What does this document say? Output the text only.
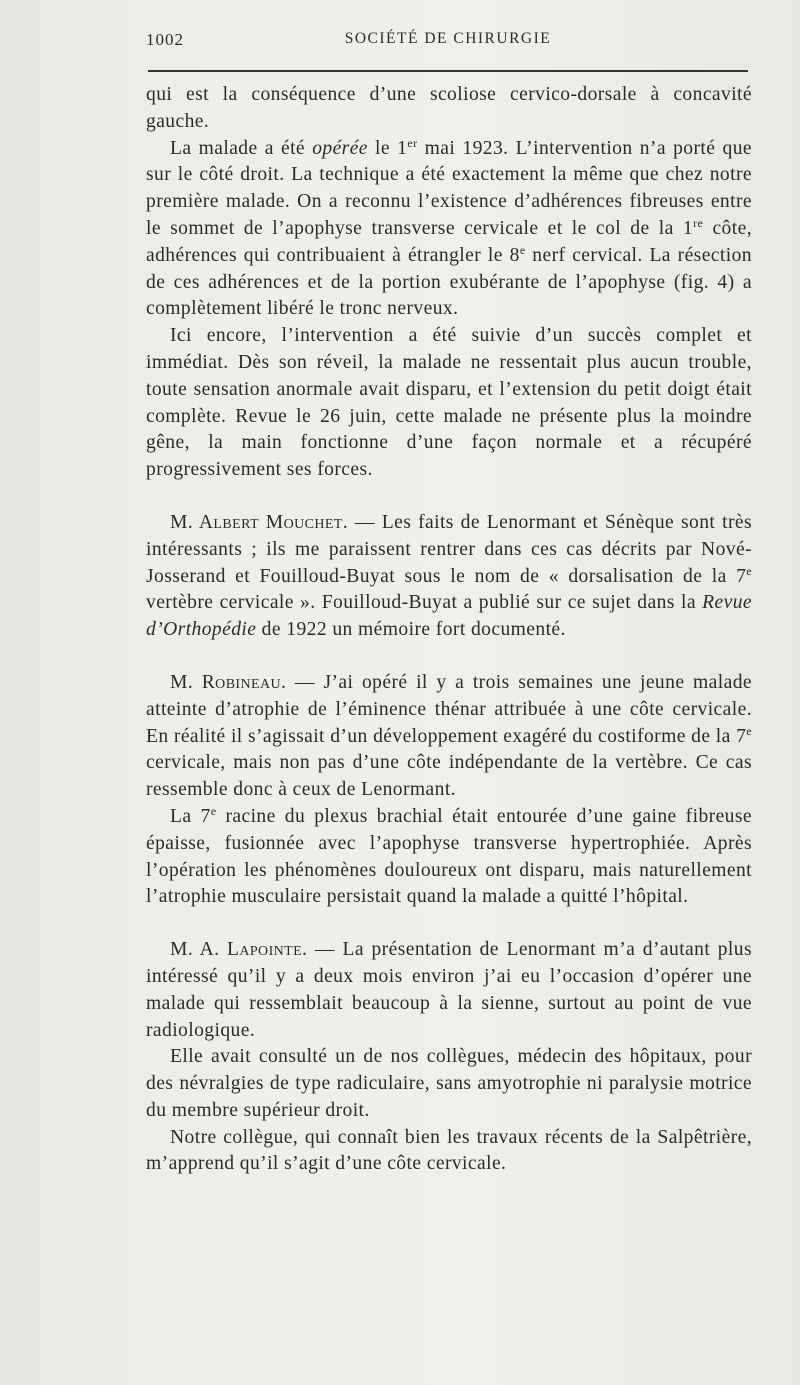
1002	SOCIÉTÉ DE CHIRURGIE

qui est la conséquence d’une scoliose cervico-dorsale à concavité gauche.

La malade a été opérée le 1er mai 1923. L’intervention n’a porté que sur le côté droit. La technique a été exactement la même que chez notre première malade. On a reconnu l’existence d’adhérences fibreuses entre le sommet de l’apophyse transverse cervicale et le col de la 1re côte, adhérences qui contribuaient à étrangler le 8e nerf cervical. La résection de ces adhérences et de la portion exubérante de l’apophyse (fig. 4) a complètement libéré le tronc nerveux.

Ici encore, l’intervention a été suivie d’un succès complet et immédiat. Dès son réveil, la malade ne ressentait plus aucun trouble, toute sensation anormale avait disparu, et l’extension du petit doigt était complète. Revue le 26 juin, cette malade ne présente plus la moindre gêne, la main fonctionne d’une façon normale et a récupéré progressivement ses forces.

M. Albert Mouchet. — Les faits de Lenormant et Sénèque sont très intéressants ; ils me paraissent rentrer dans ces cas décrits par Nové-Josserand et Fouilloud-Buyat sous le nom de « dorsalisation de la 7e vertèbre cervicale ». Fouilloud-Buyat a publié sur ce sujet dans la Revue d’Orthopédie de 1922 un mémoire fort documenté.

M. Robineau. — J’ai opéré il y a trois semaines une jeune malade atteinte d’atrophie de l’éminence thénar attribuée à une côte cervicale. En réalité il s’agissait d’un développement exagéré du costiforme de la 7e cervicale, mais non pas d’une côte indépendante de la vertèbre. Ce cas ressemble donc à ceux de Lenormant.

La 7e racine du plexus brachial était entourée d’une gaine fibreuse épaisse, fusionnée avec l’apophyse transverse hypertrophiée. Après l’opération les phénomènes douloureux ont disparu, mais naturellement l’atrophie musculaire persistait quand la malade a quitté l’hôpital.

M. A. Lapointe. — La présentation de Lenormant m’a d’autant plus intéressé qu’il y a deux mois environ j’ai eu l’occasion d’opérer une malade qui ressemblait beaucoup à la sienne, surtout au point de vue radiologique.

Elle avait consulté un de nos collègues, médecin des hôpitaux, pour des névralgies de type radiculaire, sans amyotrophie ni paralysie motrice du membre supérieur droit.

Notre collègue, qui connaît bien les travaux récents de la Salpêtrière, m’apprend qu’il s’agit d’une côte cervicale.
